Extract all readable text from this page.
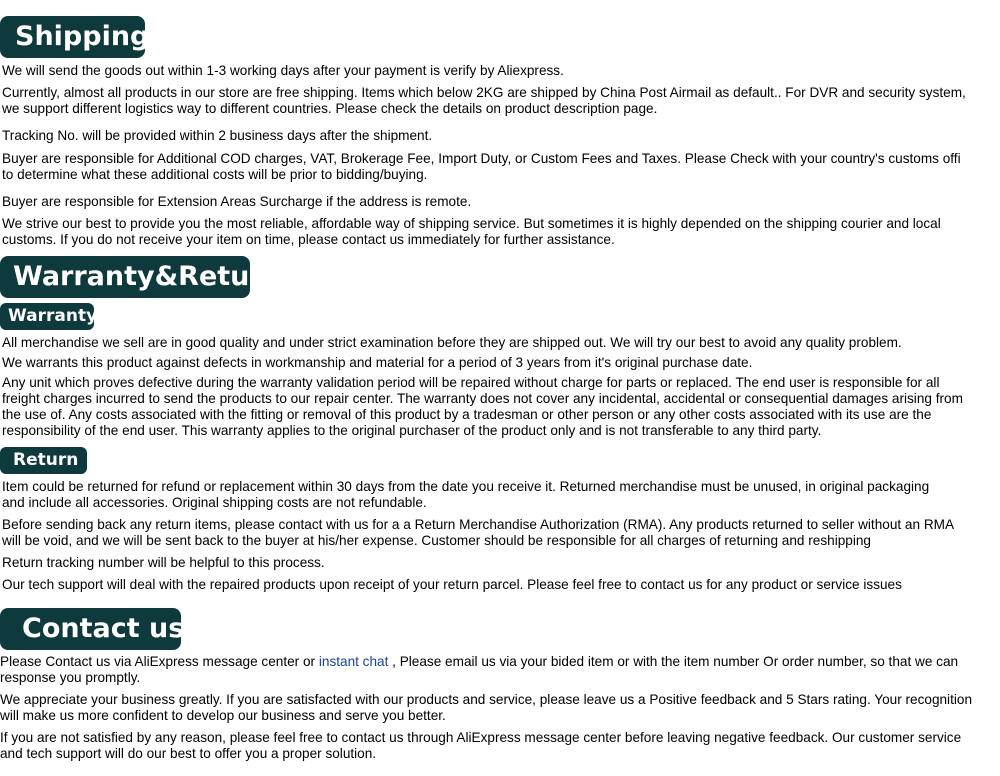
Shipping
We will send the goods out within 1-3 working days after your payment is verify by Aliexpress.
Currently, almost all products in our store are free shipping. Items which below 2KG are shipped by China Post Airmail as default.. For DVR and security system,
we support different logistics way to different countries. Please check the details on product description page.
Tracking No. will be provided within 2 business days after the shipment.
Buyer are responsible for Additional COD charges, VAT, Brokerage Fee, Import Duty, or Custom Fees and Taxes. Please Check with your country's customs offi
to determine what these additional costs will be prior to bidding/buying.
Buyer are responsible for Extension Areas Surcharge if the address is remote.
We strive our best to provide you the most reliable, affordable way of shipping service. But sometimes it is highly depended on the shipping courier and local
customs. If you do not receive your item on time, please contact us immediately for further assistance.
Warranty&Return
Warranty
All merchandise we sell are in good quality and under strict examination before they are shipped out. We will try our best to avoid any quality problem.
We warrants this product against defects in workmanship and material for a period of 3 years from it's original purchase date.
Any unit which proves defective during the warranty validation period will be repaired without charge for parts or replaced. The end user is responsible for all
freight charges incurred to send the products to our repair center. The warranty does not cover any incidental, accidental or consequential damages arising from
the use of. Any costs associated with the fitting or removal of this product by a tradesman or other person or any other costs associated with its use are the
responsibility of the end user. This warranty applies to the original purchaser of the product only and is not transferable to any third party.
Return
Item could be returned for refund or replacement within 30 days from the date you receive it. Returned merchandise must be unused, in original packaging
and include all accessories. Original shipping costs are not refundable.
Before sending back any return items, please contact with us for a a Return Merchandise Authorization (RMA). Any products returned to seller without an RMA
will be void, and we will be sent back to the buyer at his/her expense. Customer should be responsible for all charges of returning and reshipping
Return tracking number will be helpful to this process.
Our tech support will deal with the repaired products upon receipt of your return parcel. Please feel free to contact us for any product or service issues
Contact us
Please Contact us via AliExpress message center or instant chat , Please email us via your bided item or with the item number Or order number, so that we can
response you promptly.
We appreciate your business greatly. If you are satisfacted with our products and service, please leave us a Positive feedback and 5 Stars rating. Your recognition
will make us more confident to develop our business and serve you better.
If you are not satisfied by any reason, please feel free to contact us through AliExpress message center before leaving negative feedback. Our customer service
and tech support will do our best to offer you a proper solution.
